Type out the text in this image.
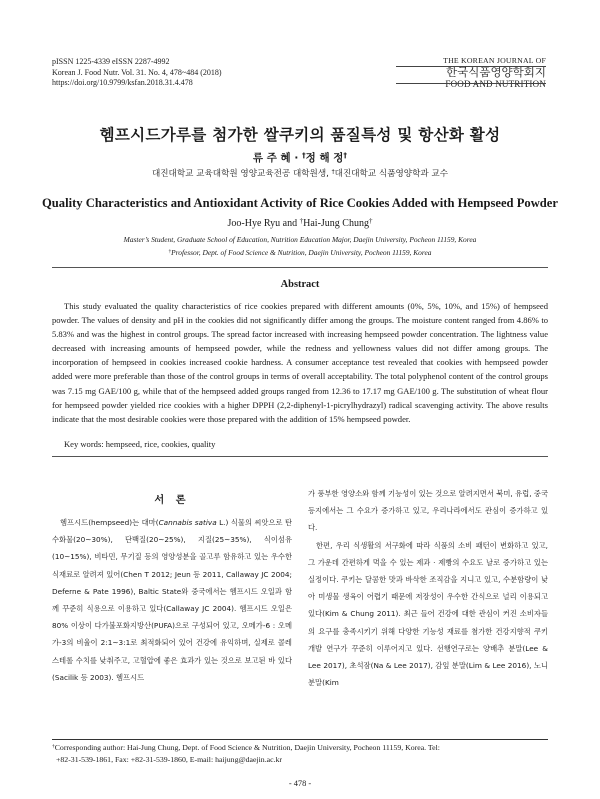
pISSN 1225-4339 eISSN 2287-4992
Korean J. Food Nutr. Vol. 31. No. 4, 478~484 (2018)
https://doi.org/10.9799/ksfan.2018.31.4.478
THE KOREAN JOURNAL OF
한국식품영양학회지
FOOD AND NUTRITION
헴프시드가루를 첨가한 쌀쿠키의 품질특성 및 항산화 활성
류 주 혜 · †정 해 정†
대진대학교 교육대학원 영양교육전공 대학원생, †대진대학교 식품영양학과 교수
Quality Characteristics and Antioxidant Activity of Rice Cookies Added with Hempseed Powder
Joo-Hye Ryu and †Hai-Jung Chung†
Master’s Student, Graduate School of Education, Nutrition Education Major, Daejin University, Pocheon 11159, Korea
†Professor, Dept. of Food Science & Nutrition, Daejin University, Pocheon 11159, Korea
Abstract

This study evaluated the quality characteristics of rice cookies prepared with different amounts (0%, 5%, 10%, and 15%) of hempseed powder. The values of density and pH in the cookies did not significantly differ among the groups. The moisture content ranged from 4.86% to 5.83% and was the highest in control groups. The spread factor increased with increasing hempseed powder concentration. The lightness value decreased with increasing amounts of hempseed powder, while the redness and yellowness values did not differ among groups. The incorporation of hempseed in cookies increased cookie hardness. A consumer acceptance test revealed that cookies with hempseed powder added were more preferable than those of the control groups in terms of overall acceptability. The total polyphenol content of the control groups was 7.15 mg GAE/100 g, while that of the hempseed added groups ranged from 12.36 to 17.17 mg GAE/100 g. The substitution of wheat flour for hempseed powder yielded rice cookies with a higher DPPH (2,2-diphenyl-1-picrylhydrazyl) radical scavenging activity. The above results indicate that the most desirable cookies were those prepared with the addition of 15% hempseed powder.

Key words: hempseed, rice, cookies, quality
서 론

헴프시드(hempseed)는 대마(Cannabis sativa L.) 식물의 씨앗으로 탄수화물(20~30%), 단백질(20~25%), 지질(25~35%), 식이섬유(10~15%), 비타민, 무기질 등의 영양성분을 골고루 함유하고 있는 우수한 식재료로 알려져 있어(Chen T 2012; Jeun 등 2011, Callaway JC 2004; Deferne & Pate 1996), Baltic State와 중국에서는 헴프시드 오일과 함께 꾸준히 식용으로 이용하고 있다(Callaway JC 2004). 헴프시드 오일은 80% 이상이 다가불포화지방산(PUFA)으로 구성되어 있고, 오메가-6 : 오메가-3의 비율이 2:1~3:1로 최적화되어 있어 건강에 유익하며, 실제로 콜레스테롤 수치를 낮춰주고, 고혈압에 좋은 효과가 있는 것으로 보고된 바 있다(Sacilik 등 2003). 헴프시드

가 풍부한 영양소와 함께 기능성이 있는 것으로 알려지면서 북미, 유럽, 중국 등지에서는 그 수요가 증가하고 있고, 우리나라에서도 관심이 증가하고 있다.
한편, 우리 식생활의 서구화에 따라 식품의 소비 패턴이 변화하고 있고, 그 가운데 간편하게 먹을 수 있는 제과 · 제빵의 수요도 날로 증가하고 있는 실정이다. 쿠키는 달콤한 맛과 바삭한 조직감을 지니고 있고, 수분함량이 낮아 미생물 생육이 어렵기 때문에 저장성이 우수한 간식으로 널리 이용되고 있다(Kim & Chung 2011). 최근 들어 건강에 대한 관심이 커진 소비자들의 요구를 충족시키기 위해 다양한 기능성 재료를 첨가한 건강지향적 쿠키 개발 연구가 꾸준히 이루어지고 있다. 선행연구로는 양배추 분말(Lee & Lee 2017), 초석잠(Na & Lee 2017), 감잎 분말(Lim & Lee 2016), 노니 분말(Kim

†Corresponding author: Hai-Jung Chung, Dept. of Food Science & Nutrition, Daejin University, Pocheon 11159, Korea. Tel:
+82-31-539-1861, Fax: +82-31-539-1860, E-mail: haijung@daejin.ac.kr
- 478 -
